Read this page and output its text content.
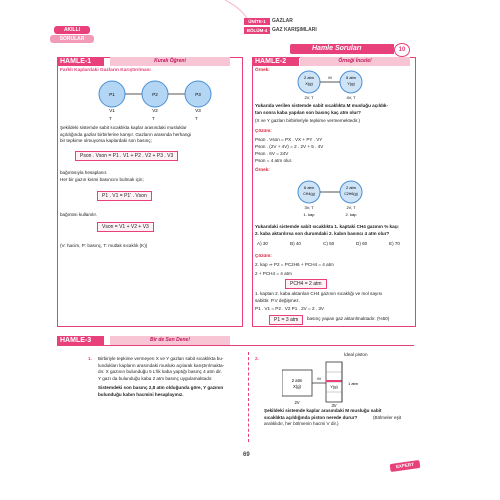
AKILLI
SORULAR
ÜNİTE-1	GAZLAR
BÖLÜM-4 GAZ KARIŞIMLARI
Hamle Soruları	10
HAMLE-1	Kuralı Öğreni
Farklı Kaplardaki Gazların Karıştırılması
P1
V1
P2
V2
P3
V3
T	T	T
Şekildeki sistemde sabit sıcaklıkta kaplar arasındaki musluklar
açıldığında gazlar birbirlerine karışır. Gazların arasında herhangi
bir tepkime olmuyorsa kaplardaki son basınç;
Pson . Vson = P1 . V1 + P2 . V2 + P3 . V3
bağıntısıyla hesaplanır.
Her bir gazın kısmi basıncını bulmak için;
P1 . V1 = P1' . Vson
bağıntısı kullanılır.
Vson = V1 + V2 + V3
(V: hacim, P: basınç, T: mutlak sıcaklık (K))
HAMLE-2	Örneği İncele!
Örnek:
2 atm
X(g)
5 atm
Y(g)
M
2V, T	4V, T
Yukarıda verilen sistemde sabit sıcaklıkta M musluğu açıldık-
tan sonra kaba yapılan son basınç kaç atm olur?
(X ve Y gazları birbirleriyle tepkime vermemektedir.)
Çözüm:
Pson . Vson = PX . VX + PY . VY
Pson . (2V + 4V) = 2 . 2V + 5 . 4V
Pson . 6V = 24V
Pson = 4 atm olur.
Örnek:
6 atm
CH4(g)
2 atm
C2H6(g)
3V, T	2V, T
1. kap	2. kap
Yukarıdaki sistemde sabit sıcaklıkta 1. kaptaki CH4 gazının % kaçı
2. kaba aktarılırsa son durumdaki 2. kabın basıncı 4 atm olur?
A) 30	B) 40	C) 50	D) 60	E) 70
Çözüm:
2. kap ⇒ P2 = PC2H6 + PCH4 = 4 atm
2 + PCH4 = 4 atm
PCH4 = 2 atm
1. kaptan 2. kaba aktarılan CH4 gazının sıcaklığı ve mol sayısı
sabittir. P.V değişmez.
P1 . V1 = P2 . V2 P1 . 2V = 2 . 3V
P1 = 3 atm	basınç yapan gaz aktarılmaktadır. (%50)
HAMLE-3	Bir de Sen Dene!
1. Birbiriyle tepkime vermeyen X ve Y gazları sabit sıcaklıkta bu-
lundukları kapların arasındaki muslukı açılarak karıştırılmakta-
dır. X gazının bulunduğu 5 L'lik kaba yaptığı basınç 4 atm dir.
Y gazı da bulunduğu kaba 2 atm basınç uygulamaktadır.
Sistemdeki son basınç 2,8 atm olduğunda göre, Y gazının
bulunduğu kabın hacmini hesaplayınız.
2.
2 atm
X(g)
2V
M
Y(g)
1 atm
3V
İdeal piston
Şekildeki sistemde kaplar arasındaki M musluğu sabit
sıcaklıkta açıldığında piston nerede durur?	(Bölmeler eşit
aralıklıdır, her bölmenin hacmi V dir.)
69
EXPERT
